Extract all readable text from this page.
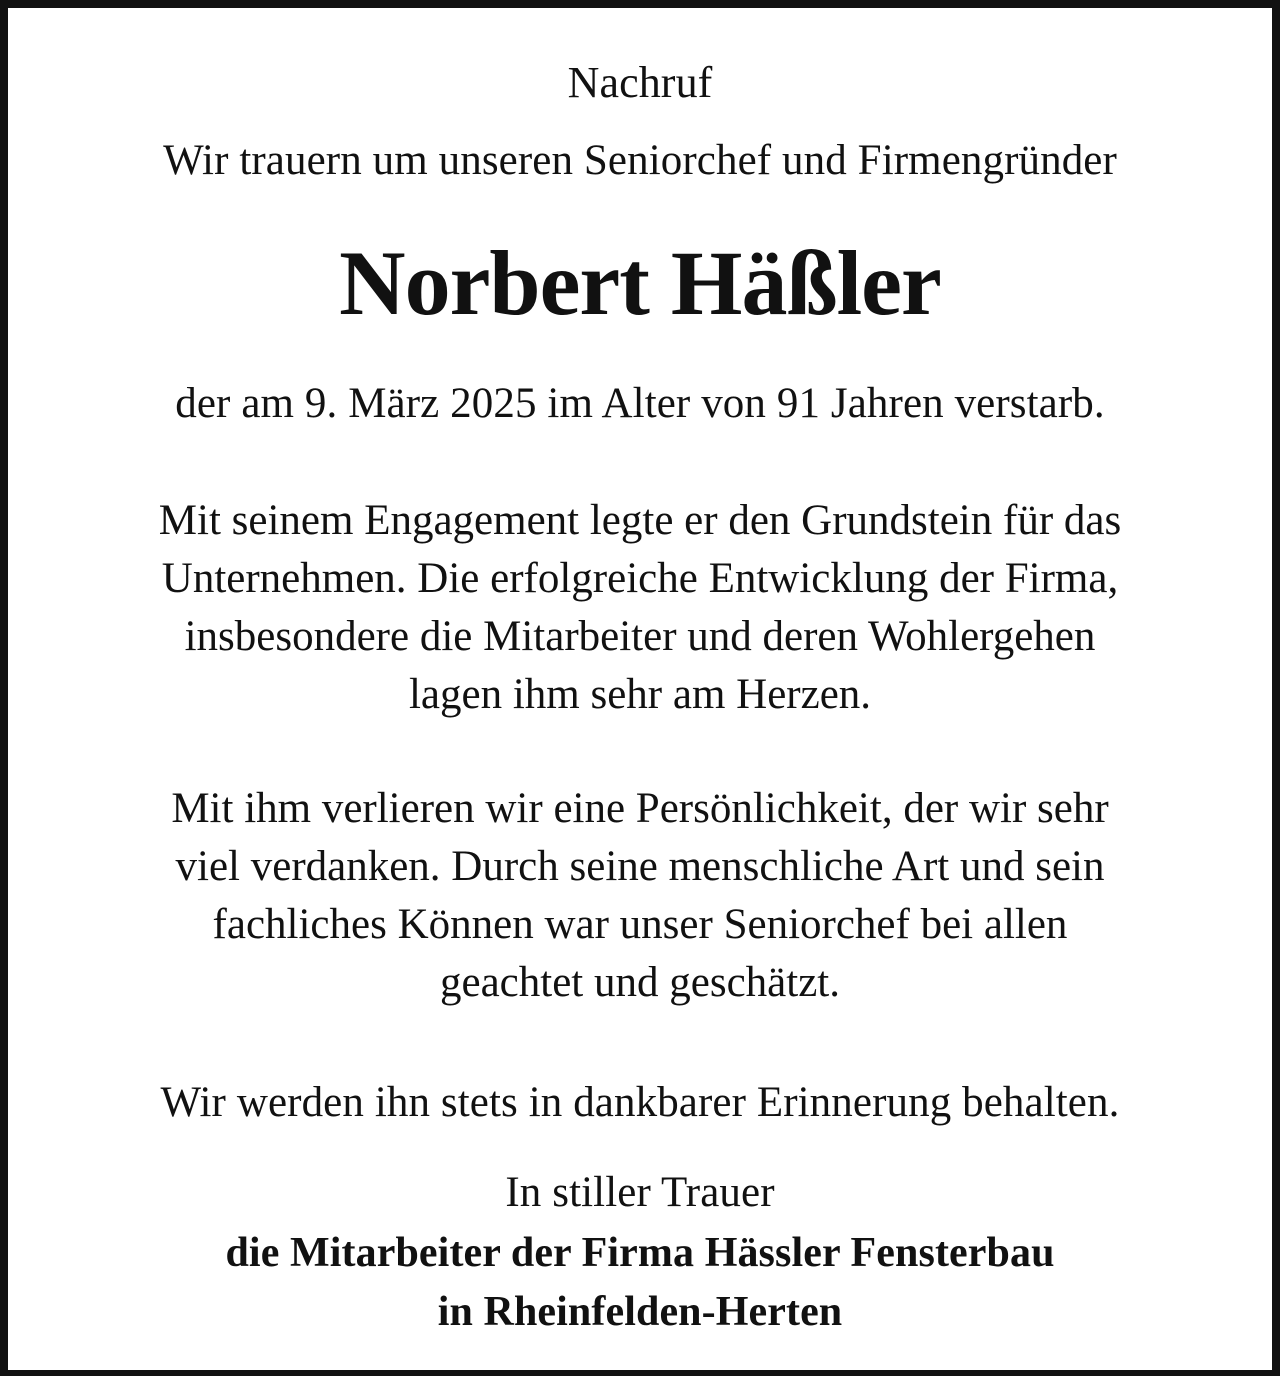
Nachruf
Wir trauern um unseren Seniorchef und Firmengründer
Norbert Häßler
der am 9. März 2025 im Alter von 91 Jahren verstarb.
Mit seinem Engagement legte er den Grundstein für das
Unternehmen. Die erfolgreiche Entwicklung der Firma,
insbesondere die Mitarbeiter und deren Wohlergehen
lagen ihm sehr am Herzen.
Mit ihm verlieren wir eine Persönlichkeit, der wir sehr
viel verdanken. Durch seine menschliche Art und sein
fachliches Können war unser Seniorchef bei allen
geachtet und geschätzt.
Wir werden ihn stets in dankbarer Erinnerung behalten.
In stiller Trauer
die Mitarbeiter der Firma Hässler Fensterbau
in Rheinfelden-Herten
